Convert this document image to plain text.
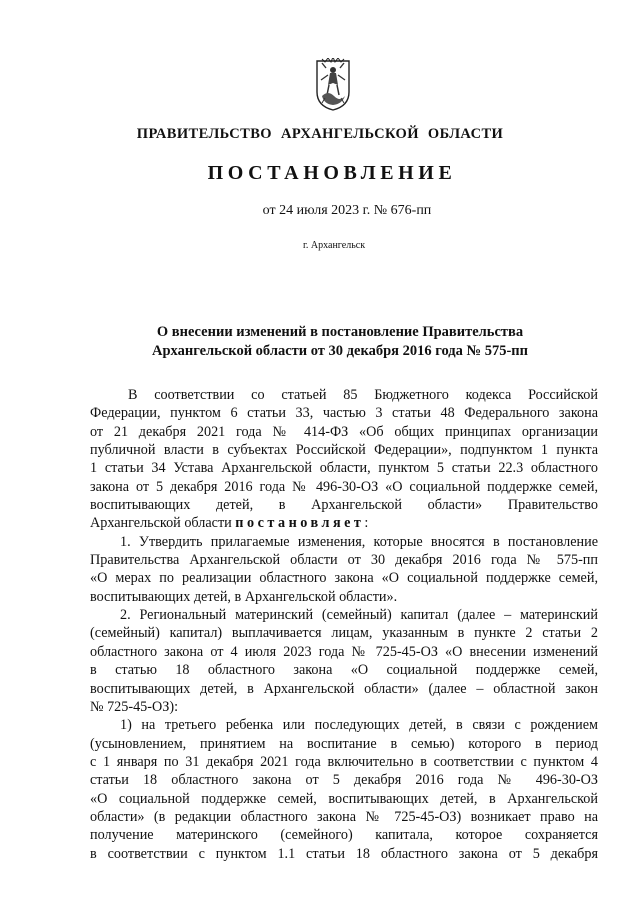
ПРАВИТЕЛЬСТВО АРХАНГЕЛЬСКОЙ ОБЛАСТИ
ПОСТАНОВЛЕНИЕ
от 24 июля 2023 г. № 676-пп
г. Архангельск
О внесении изменений в постановление Правительства
Архангельской области от 30 декабря 2016 года № 575-пп
В соответствии со статьей 85 Бюджетного кодекса Российской
Федерации, пунктом 6 статьи 33, частью 3 статьи 48 Федерального закона
от 21 декабря 2021 года № 414-ФЗ «Об общих принципах организации
публичной власти в субъектах Российской Федерации», подпунктом 1 пункта
1 статьи 34 Устава Архангельской области, пунктом 5 статьи 22.3 областного
закона от 5 декабря 2016 года № 496-30-ОЗ «О социальной поддержке семей,
воспитывающих детей, в Архангельской области» Правительство
Архангельской области постановляет:
1. Утвердить прилагаемые изменения, которые вносятся в постановление
Правительства Архангельской области от 30 декабря 2016 года № 575-пп
«О мерах по реализации областного закона «О социальной поддержке семей,
воспитывающих детей, в Архангельской области».
2. Региональный материнский (семейный) капитал (далее – материнский
(семейный) капитал) выплачивается лицам, указанным в пункте 2 статьи 2
областного закона от 4 июля 2023 года № 725-45-ОЗ «О внесении изменений
в статью 18 областного закона «О социальной поддержке семей,
воспитывающих детей, в Архангельской области» (далее – областной закон
№ 725-45-ОЗ):
1) на третьего ребенка или последующих детей, в связи с рождением
(усыновлением, принятием на воспитание в семью) которого в период
с 1 января по 31 декабря 2021 года включительно в соответствии с пунктом 4
статьи 18 областного закона от 5 декабря 2016 года № 496-30-ОЗ
«О социальной поддержке семей, воспитывающих детей, в Архангельской
области» (в редакции областного закона № 725-45-ОЗ) возникает право на
получение материнского (семейного) капитала, которое сохраняется
в соответствии с пунктом 1.1 статьи 18 областного закона от 5 декабря
